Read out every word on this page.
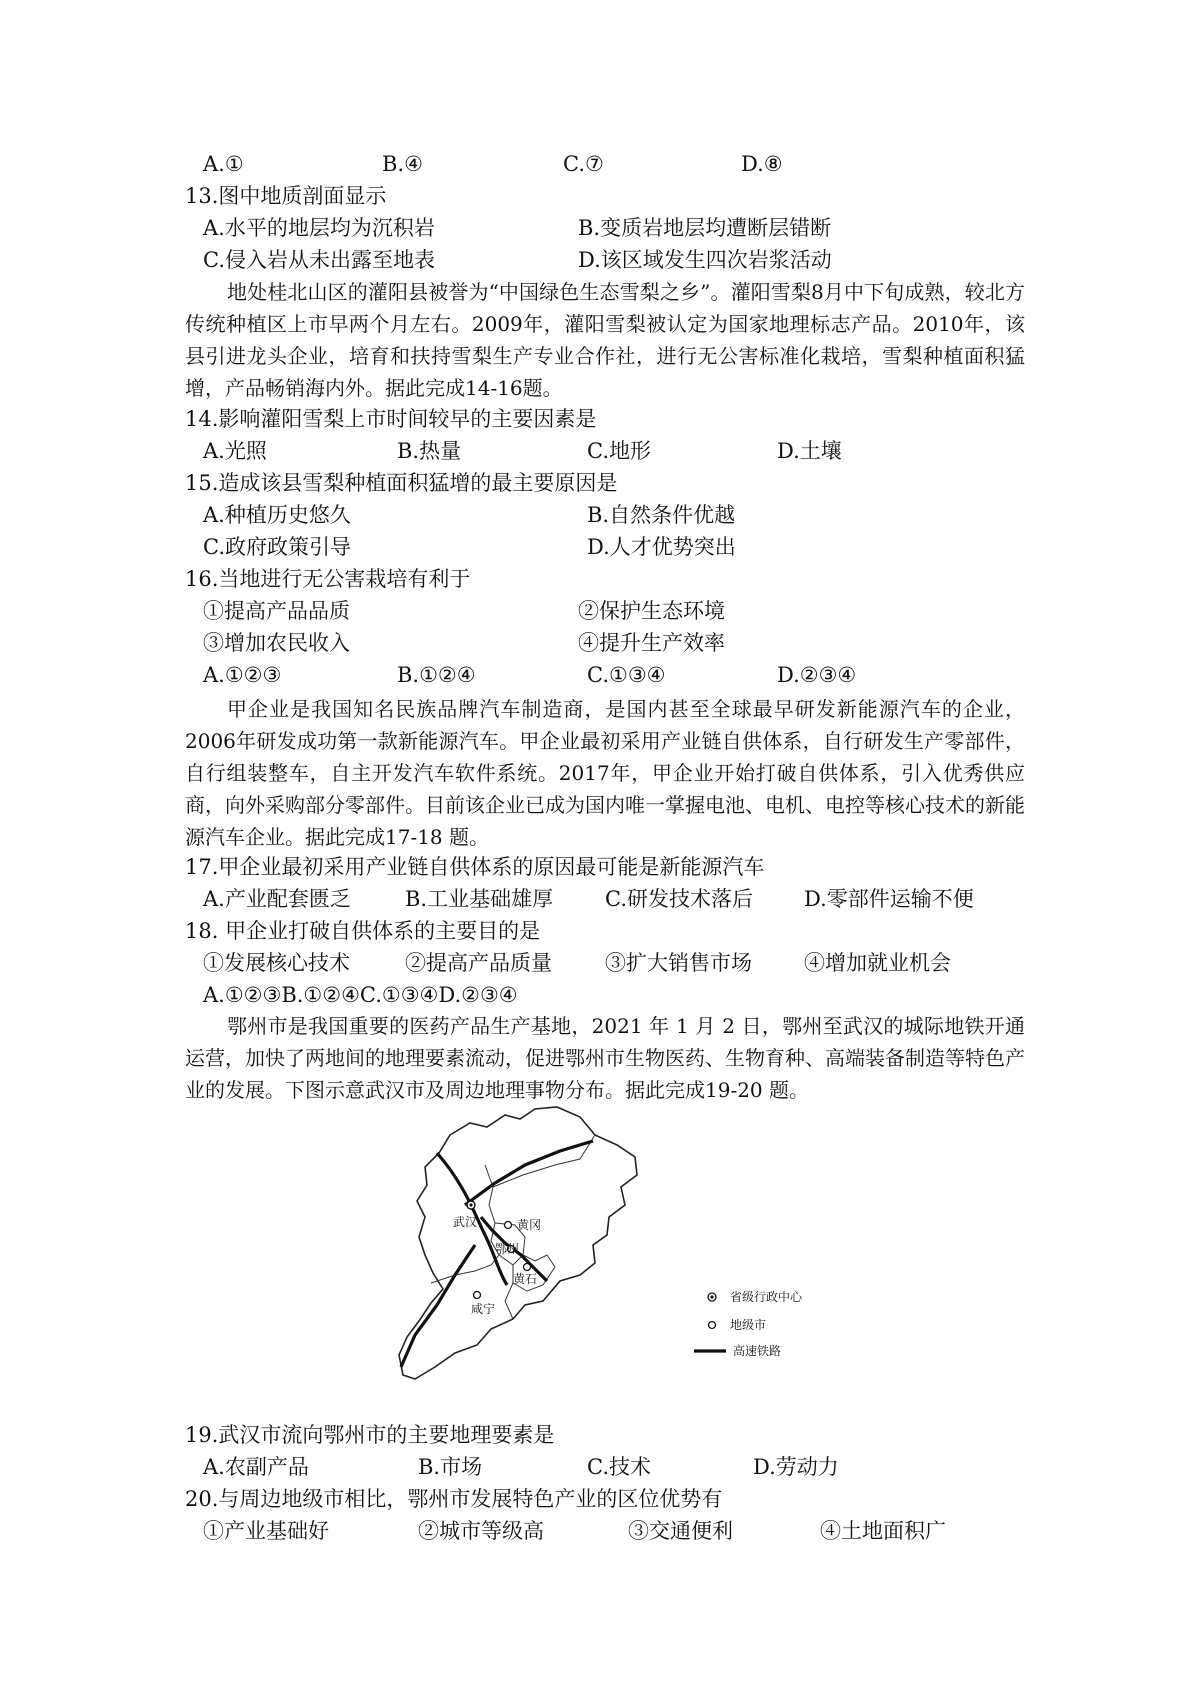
A.①	B.④	C.⑦	D.⑧
13.图中地质剖面显示
A.水平的地层均为沉积岩	B.变质岩地层均遭断层错断
C.侵入岩从未出露至地表	D.该区域发生四次岩浆活动

地处桂北山区的灌阳县被誉为“中国绿色生态雪梨之乡”。灌阳雪梨8月中下旬成熟，较北方传统种植区上市早两个月左右。2009年，灌阳雪梨被认定为国家地理标志产品。2010年，该县引进龙头企业，培育和扶持雪梨生产专业合作社，进行无公害标准化栽培，雪梨种植面积猛增，产品畅销海内外。据此完成14-16题。

14.影响灌阳雪梨上市时间较早的主要因素是
A.光照	B.热量	C.地形	D.土壤
15.造成该县雪梨种植面积猛增的最主要原因是
A.种植历史悠久	B.自然条件优越
C.政府政策引导	D.人才优势突出
16.当地进行无公害栽培有利于
①提高产品品质	②保护生态环境
③增加农民收入	④提升生产效率
A.①②③	B.①②④	C.①③④	D.②③④

甲企业是我国知名民族品牌汽车制造商，是国内甚至全球最早研发新能源汽车的企业，2006年研发成功第一款新能源汽车。甲企业最初采用产业链自供体系，自行研发生产零部件，自行组装整车，自主开发汽车软件系统。2017年，甲企业开始打破自供体系，引入优秀供应商，向外采购部分零部件。目前该企业已成为国内唯一掌握电池、电机、电控等核心技术的新能源汽车企业。据此完成17-18 题。

17.甲企业最初采用产业链自供体系的原因最可能是新能源汽车
A.产业配套匮乏	B.工业基础雄厚 C.研发技术落后 D.零部件运输不便
18. 甲企业打破自供体系的主要目的是
①发展核心技术	②提高产品质量	③扩大销售市场 ④增加就业机会
A.①②③B.①②④C.①③④D.②③④

鄂州市是我国重要的医药产品生产基地，2021 年 1 月 2 日，鄂州至武汉的城际地铁开通运营，加快了两地间的地理要素流动，促进鄂州市生物医药、生物育种、高端装备制造等特色产业的发展。下图示意武汉市及周边地理事物分布。据此完成19-20 题。

武汉	黄冈
鄂州
黄石
咸宁
省级行政中心
地级市
高速铁路
19.武汉市流向鄂州市的主要地理要素是
A.农副产品	B.市场	C.技术	D.劳动力
20.与周边地级市相比，鄂州市发展特色产业的区位优势有
①产业基础好	②城市等级高	③交通便利	④土地面积广
